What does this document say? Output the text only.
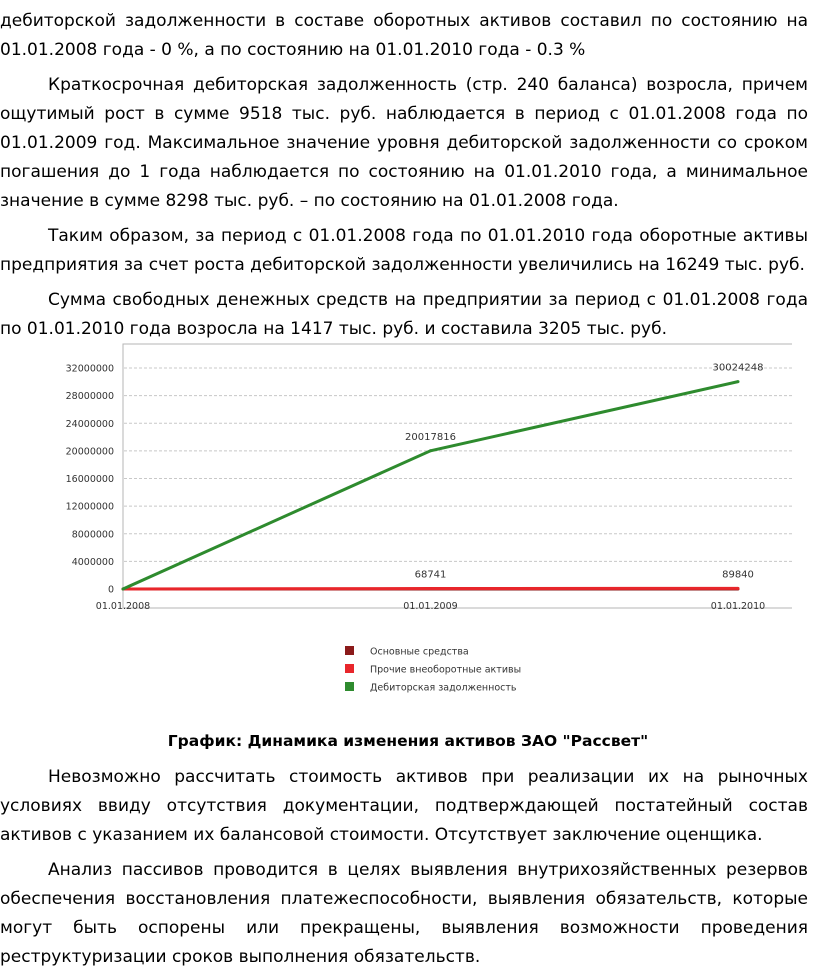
дебиторской задолженности в составе оборотных активов составил по состоянию на 01.01.2008 года - 0 %, а по состоянию на 01.01.2010 года - 0.3 %

Краткосрочная дебиторская задолженность (стр. 240 баланса) возросла, причем ощутимый рост в сумме 9518 тыс. руб. наблюдается в период с 01.01.2008 года по 01.01.2009 год. Максимальное значение уровня дебиторской задолженности со сроком погашения до 1 года наблюдается по состоянию на 01.01.2010 года, а минимальное значение в сумме 8298 тыс. руб. – по состоянию на 01.01.2008 года.

Таким образом, за период с 01.01.2008 года по 01.01.2010 года оборотные активы предприятия за счет роста дебиторской задолженности увеличились на 16249 тыс. руб.

Сумма свободных денежных средств на предприятии за период с 01.01.2008 года по 01.01.2010 года возросла на 1417 тыс. руб. и составила 3205 тыс. руб.

0
4000000
8000000
12000000
16000000
20000000
24000000
28000000
32000000
01.01.2008	01.01.2009	01.01.2010
68741	89840
20017816
30024248
Основные средства
Прочие внеоборотные активы
Дебиторская задолженность
График: Динамика изменения активов ЗАО "Рассвет"

Невозможно рассчитать стоимость активов при реализации их на рыночных условиях ввиду отсутствия документации, подтверждающей постатейный состав активов с указанием их балансовой стоимости. Отсутствует заключение оценщика.

Анализ пассивов проводится в целях выявления внутрихозяйственных резервов обеспечения восстановления платежеспособности, выявления обязательств, которые могут быть оспорены или прекращены, выявления возможности проведения реструктуризации сроков выполнения обязательств.
